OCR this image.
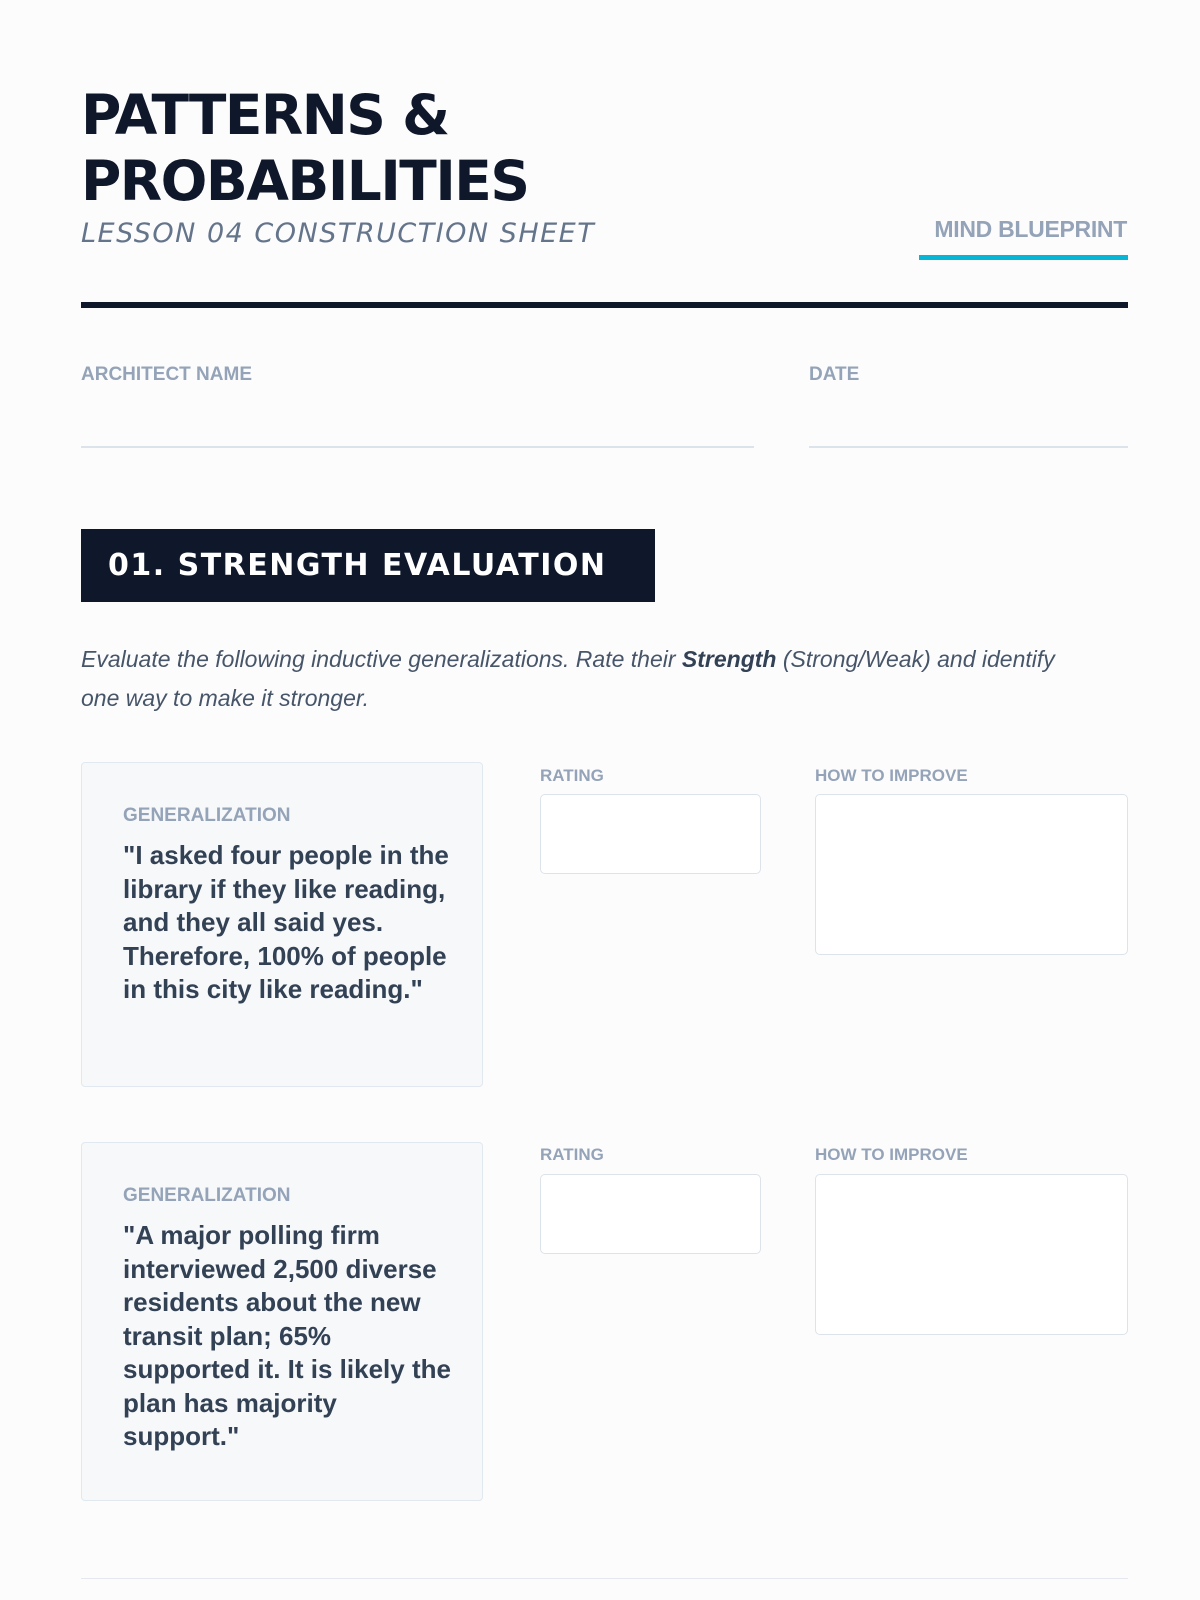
PATTERNS &
PROBABILITIES
LESSON 04 CONSTRUCTION SHEET	MIND BLUEPRINT
ARCHITECT NAME	DATE
01. STRENGTH EVALUATION
Evaluate the following inductive generalizations. Rate their Strength (Strong/Weak) and identify one way to make it stronger.

GENERALIZATION

"I asked four people in the library if they like reading, and they all said yes. Therefore, 100% of people in this city like reading."

RATING	HOW TO IMPROVE

GENERALIZATION

"A major polling firm interviewed 2,500 diverse residents about the new transit plan; 65% supported it. It is likely the plan has majority support."

RATING	HOW TO IMPROVE
